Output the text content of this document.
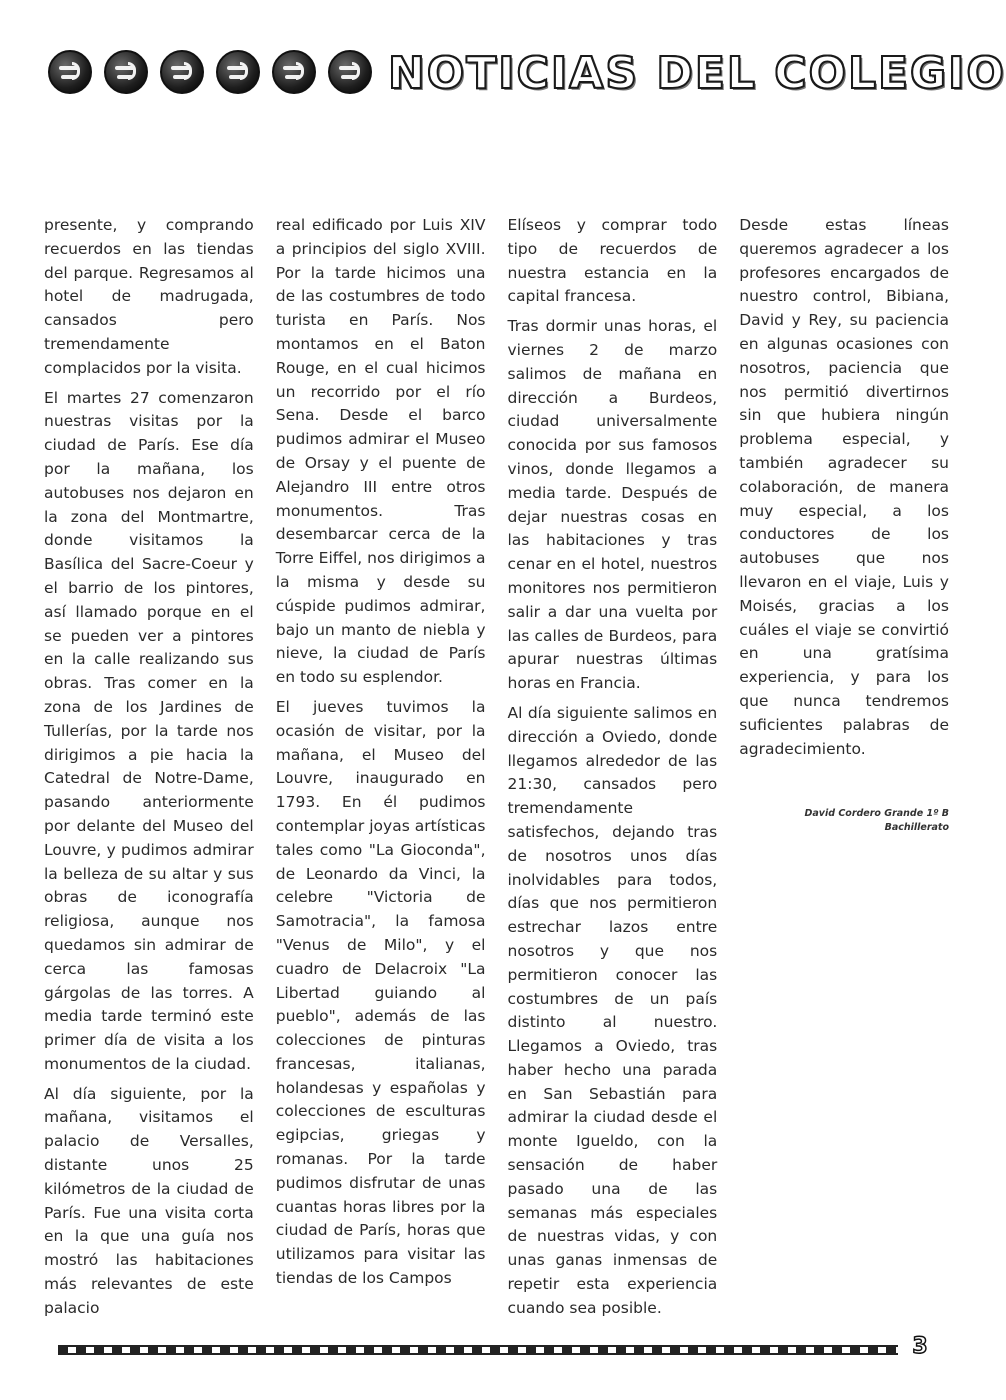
NOTICIAS DEL COLEGIO

presente, y comprando recuerdos en las tiendas del parque. Regresamos al hotel de madrugada, cansados pero tremendamente complacidos por la visita.

El martes 27 comenzaron nuestras visitas por la ciudad de París. Ese día por la mañana, los autobuses nos dejaron en la zona del Montmartre, donde visitamos la Basílica del Sacre-Coeur y el barrio de los pintores, así llamado porque en el se pueden ver a pintores en la calle realizando sus obras. Tras comer en la zona de los Jardines de Tullerías, por la tarde nos dirigimos a pie hacia la Catedral de Notre-Dame, pasando anteriormente por delante del Museo del Louvre, y pudimos admirar la belleza de su altar y sus obras de iconografía religiosa, aunque nos quedamos sin admirar de cerca las famosas gárgolas de las torres. A media tarde terminó este primer día de visita a los monumentos de la ciudad.

Al día siguiente, por la mañana, visitamos el palacio de Versalles, distante unos 25 kilómetros de la ciudad de París. Fue una visita corta en la que una guía nos mostró las habitaciones más relevantes de este palacio

real edificado por Luis XIV a principios del siglo XVIII. Por la tarde hicimos una de las costumbres de todo turista en París. Nos montamos en el Baton Rouge, en el cual hicimos un recorrido por el río Sena. Desde el barco pudimos admirar el Museo de Orsay y el puente de Alejandro III entre otros monumentos. Tras desembarcar cerca de la Torre Eiffel, nos dirigimos a la misma y desde su cúspide pudimos admirar, bajo un manto de niebla y nieve, la ciudad de París en todo su esplendor.

El jueves tuvimos la ocasión de visitar, por la mañana, el Museo del Louvre, inaugurado en 1793. En él pudimos contemplar joyas artísticas tales como "La Gioconda", de Leonardo da Vinci, la celebre "Victoria de Samotracia", la famosa "Venus de Milo", y el cuadro de Delacroix "La Libertad guiando al pueblo", además de las colecciones de pinturas francesas, italianas, holandesas y españolas y colecciones de esculturas egipcias, griegas y romanas. Por la tarde pudimos disfrutar de unas cuantas horas libres por la ciudad de París, horas que utilizamos para visitar las tiendas de los Campos

Elíseos y comprar todo tipo de recuerdos de nuestra estancia en la capital francesa.

Tras dormir unas horas, el viernes 2 de marzo salimos de mañana en dirección a Burdeos, ciudad universalmente conocida por sus famosos vinos, donde llegamos a media tarde. Después de dejar nuestras cosas en las habitaciones y tras cenar en el hotel, nuestros monitores nos permitieron salir a dar una vuelta por las calles de Burdeos, para apurar nuestras últimas horas en Francia.

Al día siguiente salimos en dirección a Oviedo, donde llegamos alrededor de las 21:30, cansados pero tremendamente satisfechos, dejando tras de nosotros unos días inolvidables para todos, días que nos permitieron estrechar lazos entre nosotros y que nos permitieron conocer las costumbres de un país distinto al nuestro. Llegamos a Oviedo, tras haber hecho una parada en San Sebastián para admirar la ciudad desde el monte Igueldo, con la sensación de haber pasado una de las semanas más especiales de nuestras vidas, y con unas ganas inmensas de repetir esta experiencia cuando sea posible.

Desde estas líneas queremos agradecer a los profesores encargados de nuestro control, Bibiana, David y Rey, su paciencia en algunas ocasiones con nosotros, paciencia que nos permitió divertirnos sin que hubiera ningún problema especial, y también agradecer su colaboración, de manera muy especial, a los conductores de los autobuses que nos llevaron en el viaje, Luis y Moisés, gracias a los cuáles el viaje se convirtió en una gratísima experiencia, y para los que nunca tendremos suficientes palabras de agradecimiento.

David Cordero Grande 1º B Bachillerato
3
